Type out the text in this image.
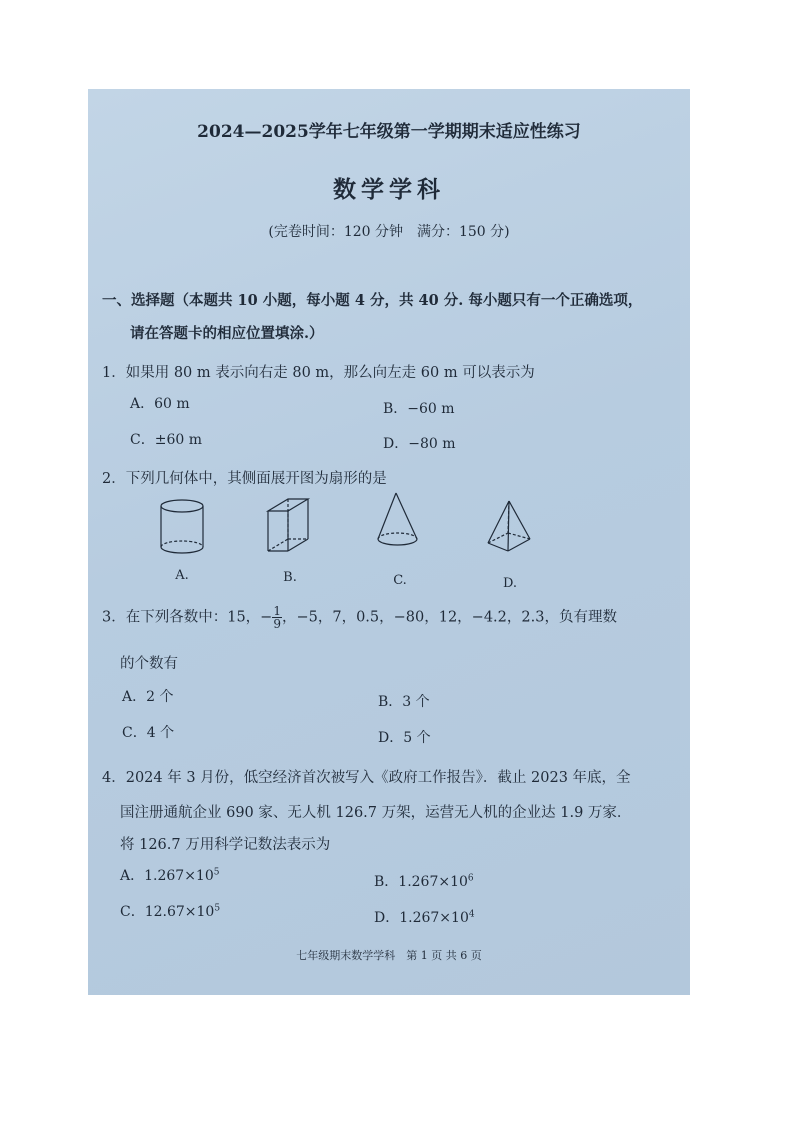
2024—2025学年七年级第一学期期末适应性练习
数学学科
(完卷时间：120 分钟　满分：150 分)
一、选择题（本题共 10 小题，每小题 4 分，共 40 分. 每小题只有一个正确选项，
请在答题卡的相应位置填涂.）
1．如果用 80 m 表示向右走 80 m，那么向左走 60 m 可以表示为
A．60 m	B．−60 m
C．±60 m	D．−80 m
2．下列几何体中，其侧面展开图为扇形的是
A.	B.	C.	D.
3．在下列各数中：15，− $\frac{1}{9}$ ，−5，7，0.5，−80，12，−4.2，2.3，负有理数
的个数有
A．2 个	B．3 个
C．4 个	D．5 个
4．2024 年 3 月份，低空经济首次被写入《政府工作报告》．截止 2023 年底，全
国注册通航企业 690 家、无人机 126.7 万架，运营无人机的企业达 1.9 万家．
将 126.7 万用科学记数法表示为
A．$1.267\times 10^5$
B．$1.267\times 10^6$
C．$12.67\times 10^5$
D．$1.267\times 10^4$
七年级期末数学学科　第 1 页 共 6 页
